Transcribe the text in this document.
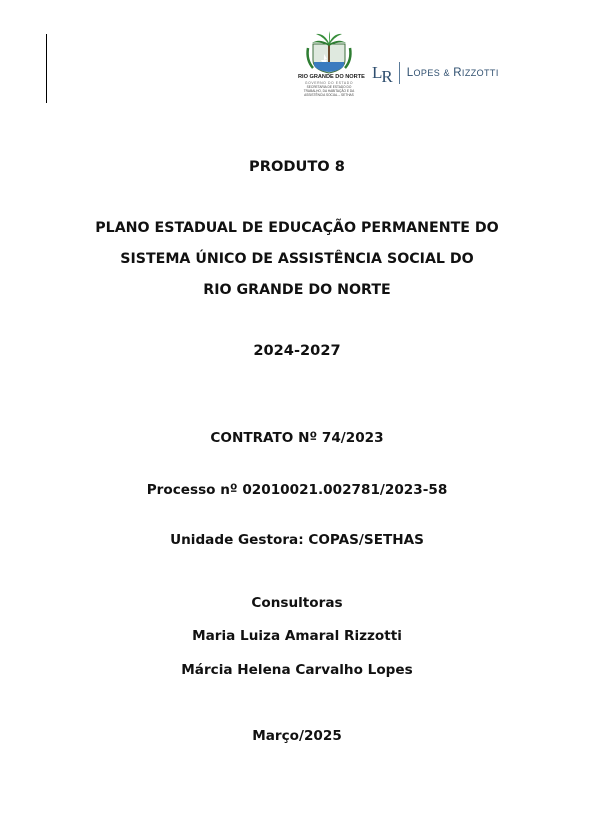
RIO GRANDE DO NORTE
GOVERNO DO ESTADO
SECRETARIA DE ESTADO DO
TRABALHO, DA HABITAÇÃO E DA
ASSISTÊNCIA SOCIAL – SETHAS
LR LOPES & RIZZOTTI
PRODUTO 8
PLANO ESTADUAL DE EDUCAÇÃO PERMANENTE DO
SISTEMA ÚNICO DE ASSISTÊNCIA SOCIAL DO
RIO GRANDE DO NORTE
2024-2027
CONTRATO Nº 74/2023
Processo nº 02010021.002781/2023-58
Unidade Gestora: COPAS/SETHAS
Consultoras
Maria Luiza Amaral Rizzotti
Márcia Helena Carvalho Lopes
Março/2025
